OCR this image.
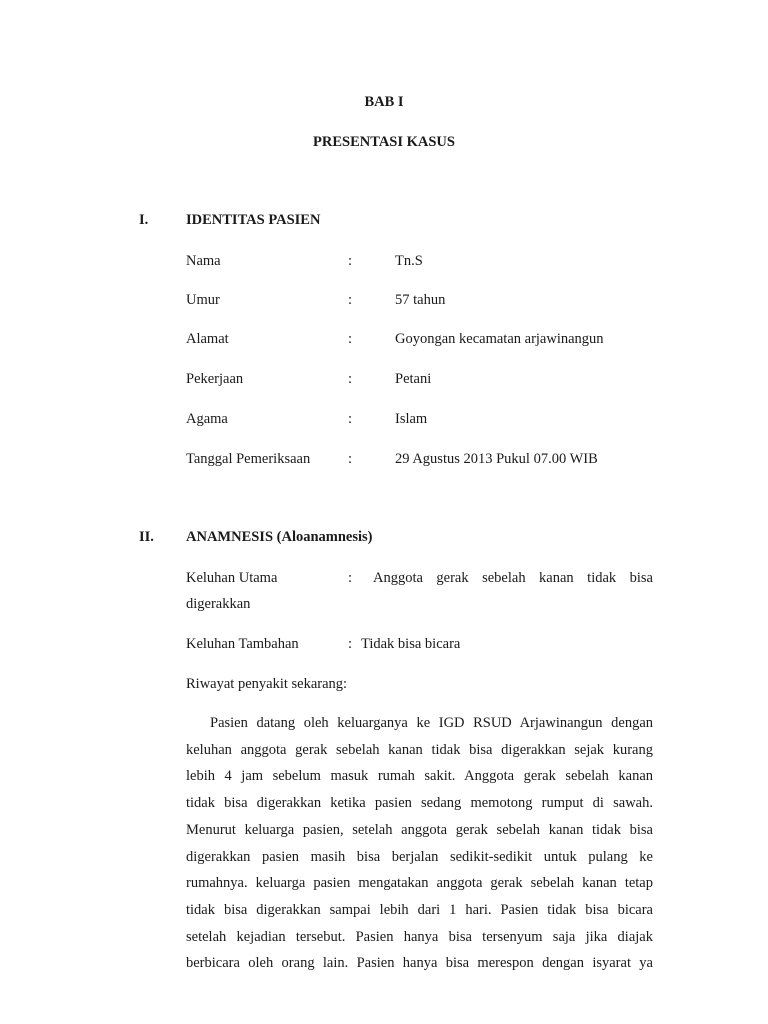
BAB I
PRESENTASI KASUS
I.	IDENTITAS PASIEN
Nama	:	Tn.S
Umur	:	57 tahun
Alamat	:	Goyongan kecamatan arjawinangun
Pekerjaan	:	Petani
Agama	:	Islam
Tanggal Pemeriksaan	:	29 Agustus 2013 Pukul 07.00 WIB
II. ANAMNESIS (Aloanamnesis)
Keluhan Utama	: Anggota gerak sebelah kanan tidak bisa
digerakkan
Keluhan Tambahan	: Tidak bisa bicara
Riwayat penyakit sekarang:
Pasien datang oleh keluarganya ke IGD RSUD Arjawinangun dengan
keluhan anggota gerak sebelah kanan tidak bisa digerakkan sejak kurang
lebih 4 jam sebelum masuk rumah sakit. Anggota gerak sebelah kanan
tidak bisa digerakkan ketika pasien sedang memotong rumput di sawah.
Menurut keluarga pasien, setelah anggota gerak sebelah kanan tidak bisa
digerakkan pasien masih bisa berjalan sedikit-sedikit untuk pulang ke
rumahnya. keluarga pasien mengatakan anggota gerak sebelah kanan tetap
tidak bisa digerakkan sampai lebih dari 1 hari. Pasien tidak bisa bicara
setelah kejadian tersebut. Pasien hanya bisa tersenyum saja jika diajak
berbicara oleh orang lain. Pasien hanya bisa merespon dengan isyarat ya
